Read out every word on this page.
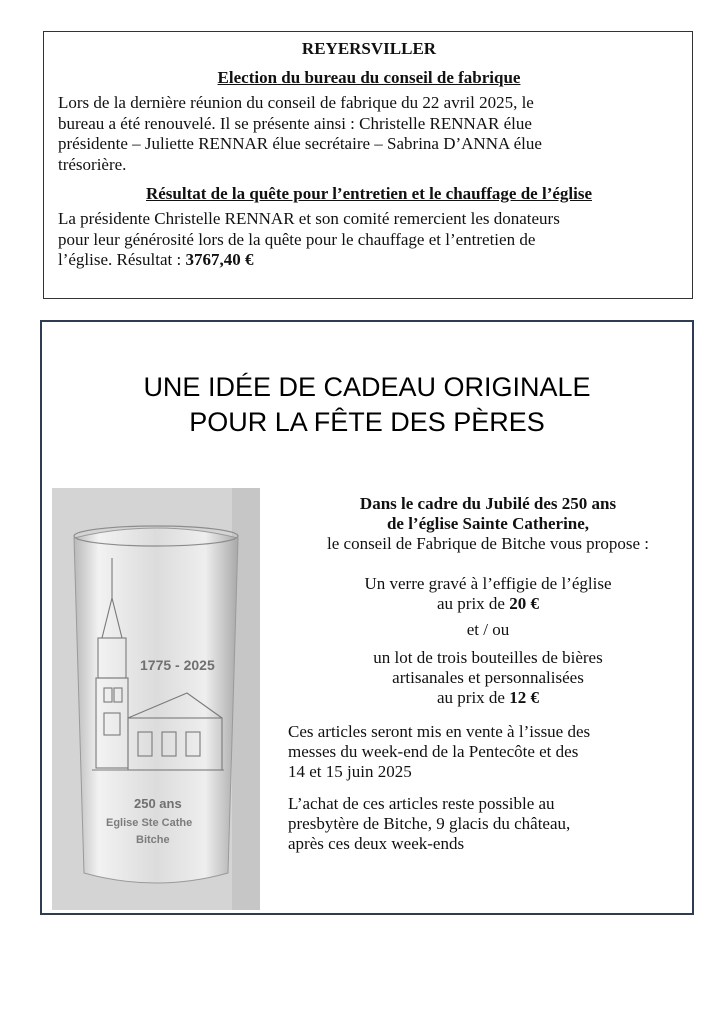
REYERSVILLER
Election du bureau du conseil de fabrique
Lors de la dernière réunion du conseil de fabrique du 22 avril 2025, le
bureau a été renouvelé. Il se présente ainsi : Christelle RENNAR élue
présidente – Juliette RENNAR élue secrétaire – Sabrina D’ANNA élue
trésorière.
Résultat de la quête pour l’entretien et le chauffage de l’église
La présidente Christelle RENNAR et son comité remercient les donateurs
pour leur générosité lors de la quête pour le chauffage et l’entretien de
l’église. Résultat : 3767,40 €
UNE IDÉE DE CADEAU ORIGINALE
POUR LA FÊTE DES PÈRES
1775 - 2025
250 ans
Eglise Ste Cathe
Bitche
Dans le cadre du Jubilé des 250 ans
de l’église Sainte Catherine,
le conseil de Fabrique de Bitche vous propose :
Un verre gravé à l’effigie de l’église
au prix de 20 €
et / ou
un lot de trois bouteilles de bières
artisanales et personnalisées
au prix de 12 €
Ces articles seront mis en vente à l’issue des
messes du week-end de la Pentecôte et des
14 et 15 juin 2025
L’achat de ces articles reste possible au
presbytère de Bitche, 9 glacis du château,
après ces deux week-ends
